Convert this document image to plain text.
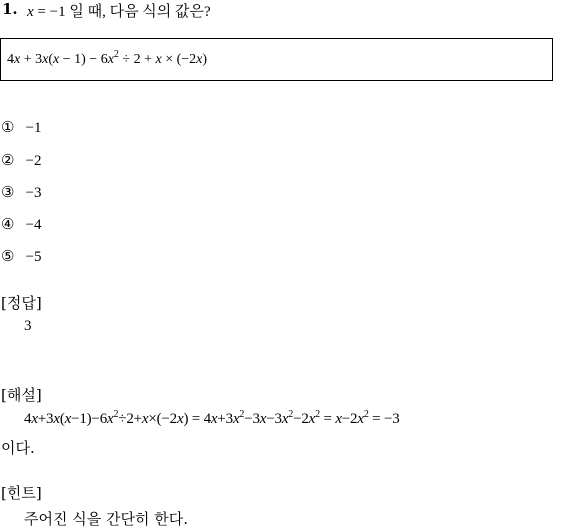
1. x = −1 일 때, 다음 식의 값은?
$4x + 3x(x - 1) - 6x^2 \div 2 + x \times (-2x)$
① −1
② −2
③ −3
④ −4
⑤ −5
[정답]
3
[해설]
$4x+3x(x-1)-6x^2\div 2+x\times(-2x) = 4x+3x^2-3x-3x^2-2x^2 = x-2x^2 = -3$
이다.
[힌트]
주어진 식을 간단히 한다.
